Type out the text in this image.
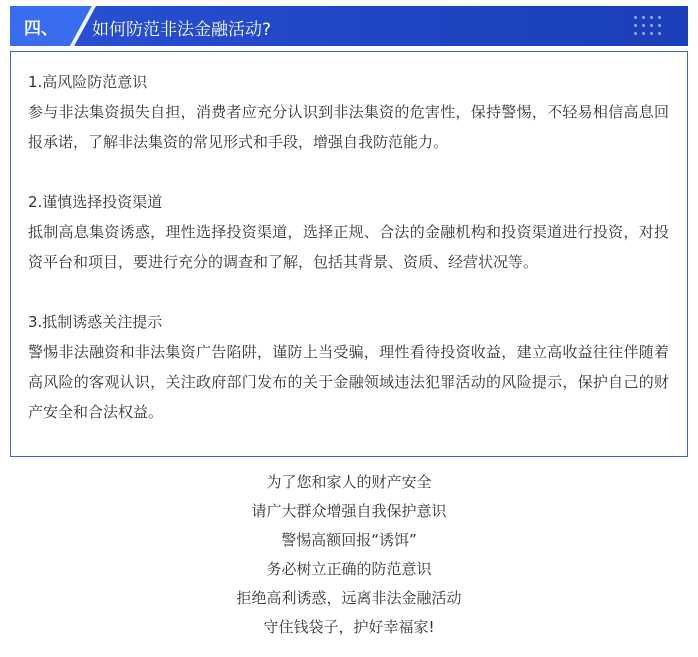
四、 如何防范非法金融活动?
1.高风险防范意识
参与非法集资损失自担，消费者应充分认识到非法集资的危害性，保持警惕，不轻易相信高息回报承诺，了解非法集资的常见形式和手段，增强自我防范能力。
2.谨慎选择投资渠道
抵制高息集资诱惑，理性选择投资渠道，选择正规、合法的金融机构和投资渠道进行投资，对投资平台和项目，要进行充分的调查和了解，包括其背景、资质、经营状况等。
3.抵制诱惑关注提示
警惕非法融资和非法集资广告陷阱，谨防上当受骗，理性看待投资收益，建立高收益往往伴随着高风险的客观认识，关注政府部门发布的关于金融领域违法犯罪活动的风险提示，保护自己的财产安全和合法权益。
为了您和家人的财产安全
请广大群众增强自我保护意识
警惕高额回报“诱饵”
务必树立正确的防范意识
拒绝高利诱惑，远离非法金融活动
守住钱袋子，护好幸福家!
